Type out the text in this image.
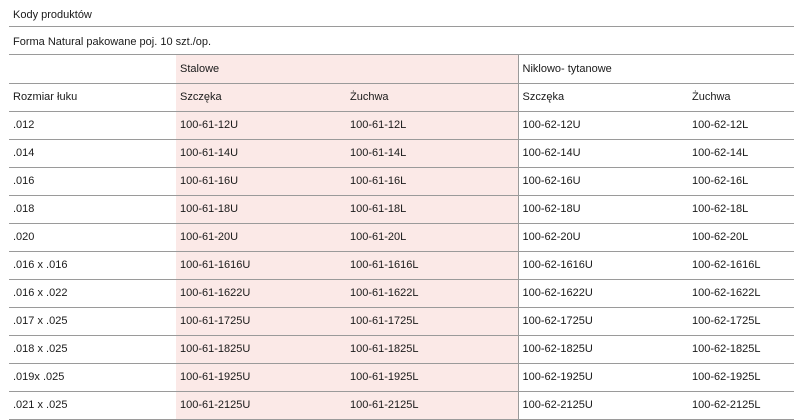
Kody produktów
Forma Natural pakowane poj. 10 szt./op.
	Stalowe		Niklowo- tytanowe	
Rozmiar łuku	Szczęka	Żuchwa	Szczęka	Żuchwa
.012	100-61-12U	100-61-12L	100-62-12U	100-62-12L
.014	100-61-14U	100-61-14L	100-62-14U	100-62-14L
.016	100-61-16U	100-61-16L	100-62-16U	100-62-16L
.018	100-61-18U	100-61-18L	100-62-18U	100-62-18L
.020	100-61-20U	100-61-20L	100-62-20U	100-62-20L
.016 x .016	100-61-1616U	100-61-1616L	100-62-1616U	100-62-1616L
.016 x .022	100-61-1622U	100-61-1622L	100-62-1622U	100-62-1622L
.017 x .025	100-61-1725U	100-61-1725L	100-62-1725U	100-62-1725L
.018 x .025	100-61-1825U	100-61-1825L	100-62-1825U	100-62-1825L
.019x .025	100-61-1925U	100-61-1925L	100-62-1925U	100-62-1925L
.021 x .025	100-61-2125U	100-61-2125L	100-62-2125U	100-62-2125L
